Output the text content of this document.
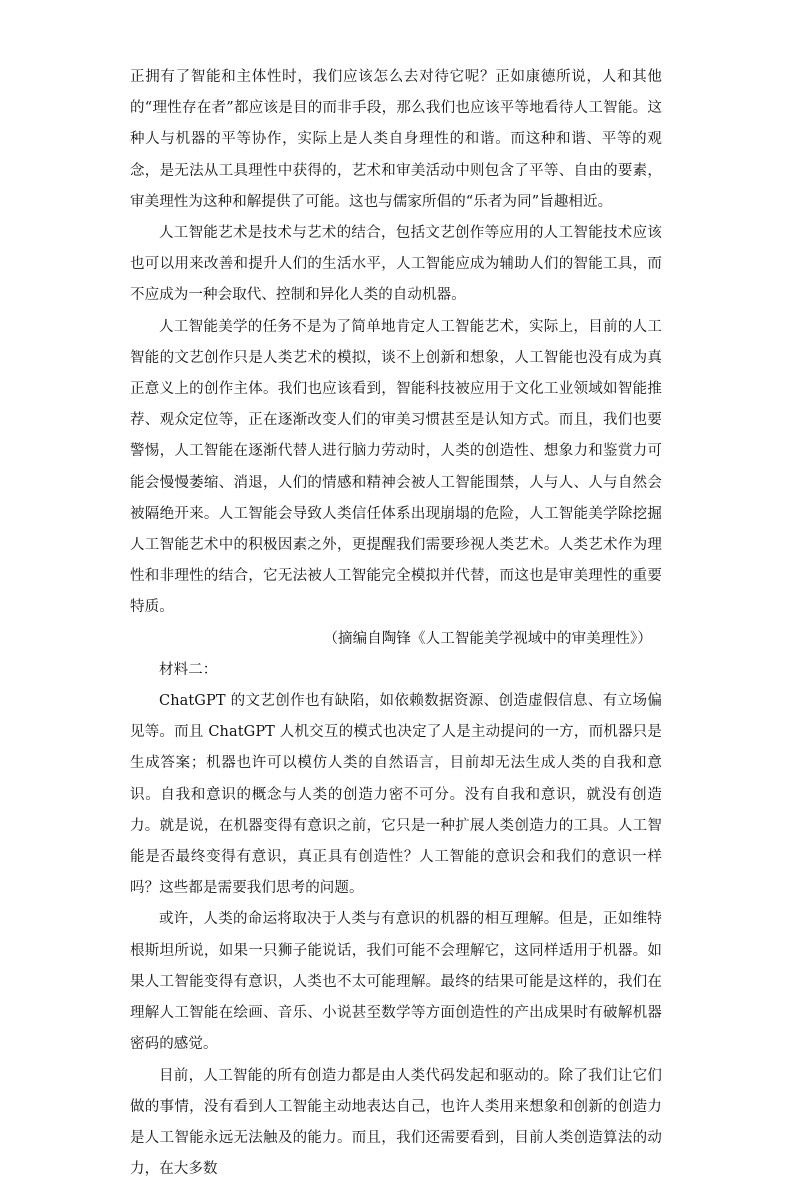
正拥有了智能和主体性时，我们应该怎么去对待它呢？正如康德所说，人和其他的“理性存在者”都应该是目的而非手段，那么我们也应该平等地看待人工智能。这种人与机器的平等协作，实际上是人类自身理性的和谐。而这种和谐、平等的观念，是无法从工具理性中获得的，艺术和审美活动中则包含了平等、自由的要素，审美理性为这种和解提供了可能。这也与儒家所倡的“乐者为同”旨趣相近。

人工智能艺术是技术与艺术的结合，包括文艺创作等应用的人工智能技术应该也可以用来改善和提升人们的生活水平，人工智能应成为辅助人们的智能工具，而不应成为一种会取代、控制和异化人类的自动机器。

人工智能美学的任务不是为了简单地肯定人工智能艺术，实际上，目前的人工智能的文艺创作只是人类艺术的模拟，谈不上创新和想象，人工智能也没有成为真正意义上的创作主体。我们也应该看到，智能科技被应用于文化工业领域如智能推荐、观众定位等，正在逐渐改变人们的审美习惯甚至是认知方式。而且，我们也要警惕，人工智能在逐渐代替人进行脑力劳动时，人类的创造性、想象力和鉴赏力可能会慢慢萎缩、消退，人们的情感和精神会被人工智能围禁，人与人、人与自然会被隔绝开来。人工智能会导致人类信任体系出现崩塌的危险，人工智能美学除挖掘人工智能艺术中的积极因素之外，更提醒我们需要珍视人类艺术。人类艺术作为理性和非理性的结合，它无法被人工智能完全模拟并代替，而这也是审美理性的重要特质。

（摘编自陶锋《人工智能美学视域中的审美理性》）

材料二：

ChatGPT 的文艺创作也有缺陷，如依赖数据资源、创造虚假信息、有立场偏见等。而且 ChatGPT 人机交互的模式也决定了人是主动提问的一方，而机器只是生成答案；机器也许可以模仿人类的自然语言，目前却无法生成人类的自我和意识。自我和意识的概念与人类的创造力密不可分。没有自我和意识，就没有创造力。就是说，在机器变得有意识之前，它只是一种扩展人类创造力的工具。人工智能是否最终变得有意识，真正具有创造性？人工智能的意识会和我们的意识一样吗？这些都是需要我们思考的问题。

或许，人类的命运将取决于人类与有意识的机器的相互理解。但是，正如维特根斯坦所说，如果一只狮子能说话，我们可能不会理解它，这同样适用于机器。如果人工智能变得有意识，人类也不太可能理解。最终的结果可能是这样的，我们在理解人工智能在绘画、音乐、小说甚至数学等方面创造性的产出成果时有破解机器密码的感觉。

目前，人工智能的所有创造力都是由人类代码发起和驱动的。除了我们让它们做的事情，没有看到人工智能主动地表达自己，也许人类用来想象和创新的创造力是人工智能永远无法触及的能力。而且，我们还需要看到，目前人类创造算法的动力，在大多数
